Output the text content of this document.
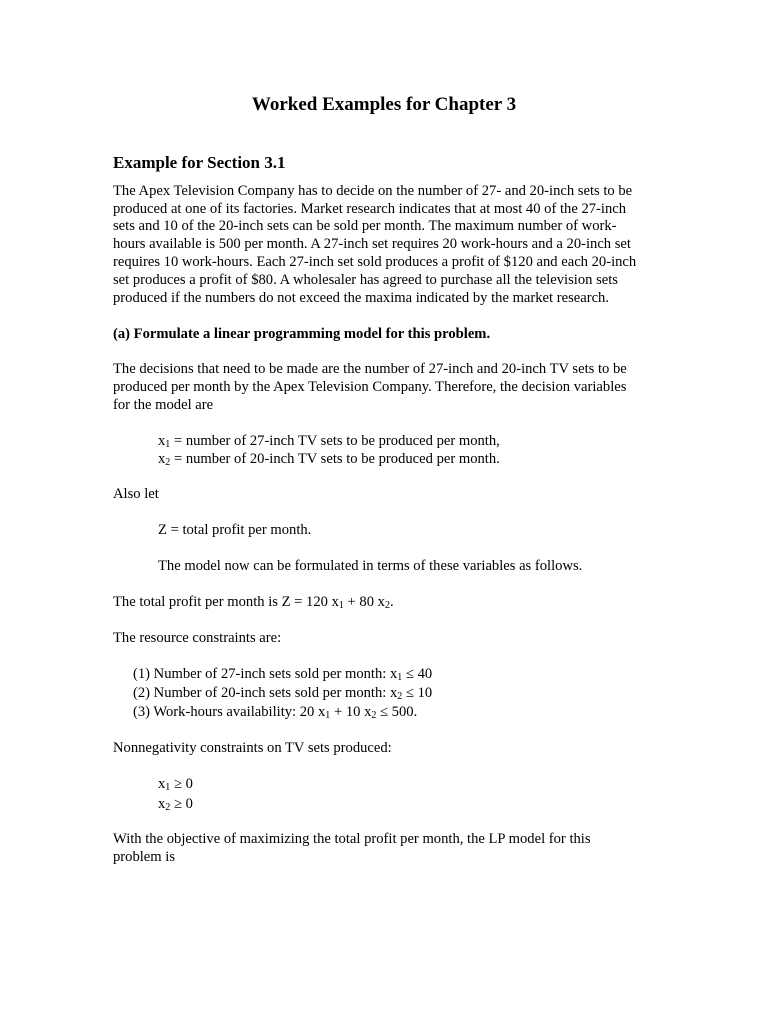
Worked Examples for Chapter 3
Example for Section 3.1
The Apex Television Company has to decide on the number of 27- and 20-inch sets to be
produced at one of its factories. Market research indicates that at most 40 of the 27-inch
sets and 10 of the 20-inch sets can be sold per month. The maximum number of work-
hours available is 500 per month. A 27-inch set requires 20 work-hours and a 20-inch set
requires 10 work-hours. Each 27-inch set sold produces a profit of $120 and each 20-inch
set produces a profit of $80. A wholesaler has agreed to purchase all the television sets
produced if the numbers do not exceed the maxima indicated by the market research.
(a) Formulate a linear programming model for this problem.
The decisions that need to be made are the number of 27-inch and 20-inch TV sets to be
produced per month by the Apex Television Company. Therefore, the decision variables
for the model are
$x_1$ = number of 27-inch TV sets to be produced per month,
$x_2$ = number of 20-inch TV sets to be produced per month.
Also let
Z = total profit per month.
The model now can be formulated in terms of these variables as follows.
The total profit per month is Z = 120 $x_1 + 80$ $x_2$.
The resource constraints are:
(1) Number of 27-inch sets sold per month: $x_1 \le 40$
(2) Number of 20-inch sets sold per month: $x_2 \le 10$
(3) Work-hours availability: 20 $x_1 + 10$ $x_2 \le 500$.
Nonnegativity constraints on TV sets produced:
$x_1 \ge 0$
$x_2 \ge 0$
With the objective of maximizing the total profit per month, the LP model for this
problem is
